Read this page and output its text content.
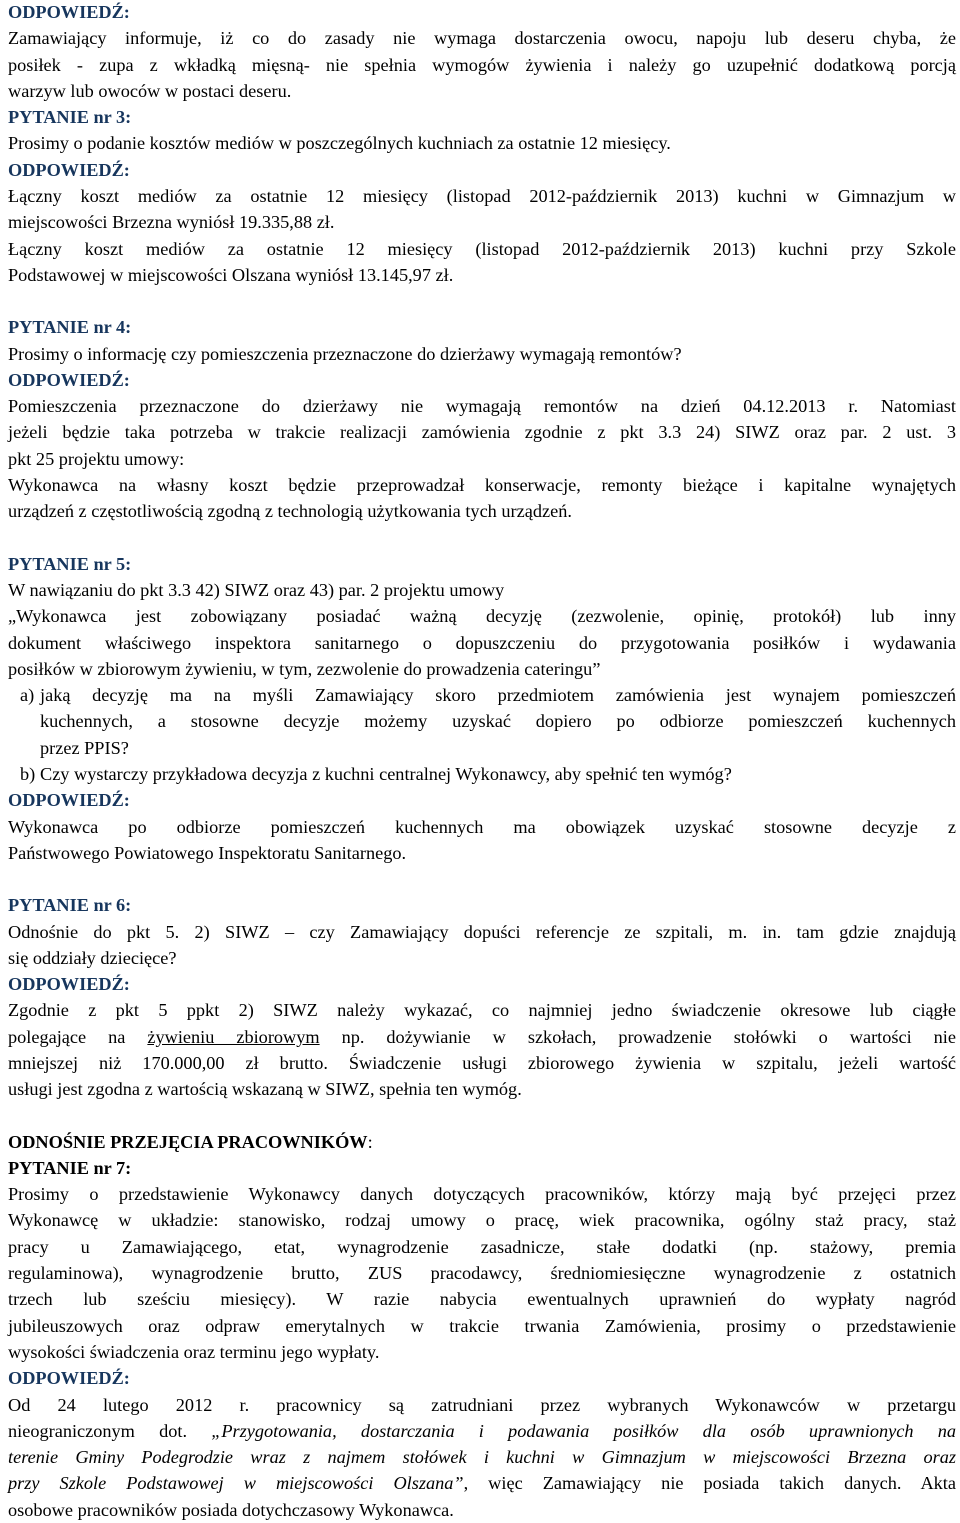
ODPOWIEDŹ:

Zamawiający informuje, iż co do zasady nie wymaga dostarczenia owocu, napoju lub deseru chyba, że

posiłek - zupa z wkładką mięsną- nie spełnia wymogów żywienia i należy go uzupełnić dodatkową porcją

warzyw lub owoców w postaci deseru.

PYTANIE nr 3:

Prosimy o podanie kosztów mediów w poszczególnych kuchniach za ostatnie 12 miesięcy.

ODPOWIEDŹ:

Łączny koszt mediów za ostatnie 12 miesięcy (listopad 2012-październik 2013) kuchni w Gimnazjum w

miejscowości Brzezna wyniósł 19.335,88 zł.

Łączny koszt mediów za ostatnie 12 miesięcy (listopad 2012-październik 2013) kuchni przy Szkole

Podstawowej w miejscowości Olszana wyniósł 13.145,97 zł.

PYTANIE nr 4:

Prosimy o informację czy pomieszczenia przeznaczone do dzierżawy wymagają remontów?

ODPOWIEDŹ:

Pomieszczenia przeznaczone do dzierżawy nie wymagają remontów na dzień 04.12.2013 r. Natomiast

jeżeli będzie taka potrzeba w trakcie realizacji zamówienia zgodnie z pkt 3.3 24) SIWZ oraz par. 2 ust. 3

pkt 25 projektu umowy:

Wykonawca na własny koszt będzie przeprowadzał konserwacje, remonty bieżące i kapitalne wynajętych

urządzeń z częstotliwością zgodną z technologią użytkowania tych urządzeń.

PYTANIE nr 5:

W nawiązaniu do pkt 3.3 42) SIWZ oraz 43) par. 2 projektu umowy

„Wykonawca jest zobowiązany posiadać ważną decyzję (zezwolenie, opinię, protokół) lub inny

dokument właściwego inspektora sanitarnego o dopuszczeniu do przygotowania posiłków i wydawania

posiłków w zbiorowym żywieniu, w tym, zezwolenie do prowadzenia cateringu”

a) jaką decyzję ma na myśli Zamawiający skoro przedmiotem zamówienia jest wynajem pomieszczeń
kuchennych, a stosowne decyzje możemy uzyskać dopiero po odbiorze pomieszczeń kuchennych
przez PPIS?
b) Czy wystarczy przykładowa decyzja z kuchni centralnej Wykonawcy, aby spełnić ten wymóg?

ODPOWIEDŹ:

Wykonawca po odbiorze pomieszczeń kuchennych ma obowiązek uzyskać stosowne decyzje z

Państwowego Powiatowego Inspektoratu Sanitarnego.

PYTANIE nr 6:

Odnośnie do pkt 5. 2) SIWZ – czy Zamawiający dopuści referencje ze szpitali, m. in. tam gdzie znajdują

się oddziały dziecięce?

ODPOWIEDŹ:

Zgodnie z pkt 5 ppkt 2) SIWZ należy wykazać, co najmniej jedno świadczenie okresowe lub ciągłe

polegające na żywieniu zbiorowym np. dożywianie w szkołach, prowadzenie stołówki o wartości nie

mniejszej niż 170.000,00 zł brutto. Świadczenie usługi zbiorowego żywienia w szpitalu, jeżeli wartość

usługi jest zgodna z wartością wskazaną w SIWZ, spełnia ten wymóg.

ODNOŚNIE PRZEJĘCIA PRACOWNIKÓW:

PYTANIE nr 7:

Prosimy o przedstawienie Wykonawcy danych dotyczących pracowników, którzy mają być przejęci przez

Wykonawcę w układzie: stanowisko, rodzaj umowy o pracę, wiek pracownika, ogólny staż pracy, staż

pracy u Zamawiającego, etat, wynagrodzenie zasadnicze, stałe dodatki (np. stażowy, premia

regulaminowa), wynagrodzenie brutto, ZUS pracodawcy, średniomiesięczne wynagrodzenie z ostatnich

trzech lub sześciu miesięcy). W razie nabycia ewentualnych uprawnień do wypłaty nagród

jubileuszowych oraz odpraw emerytalnych w trakcie trwania Zamówienia, prosimy o przedstawienie

wysokości świadczenia oraz terminu jego wypłaty.

ODPOWIEDŹ:

Od 24 lutego 2012 r. pracownicy są zatrudniani przez wybranych Wykonawców w przetargu

nieograniczonym dot. „Przygotowania, dostarczania i podawania posiłków dla osób uprawnionych na

terenie Gminy Podegrodzie wraz z najmem stołówek i kuchni w Gimnazjum w miejscowości Brzezna oraz

przy Szkole Podstawowej w miejscowości Olszana”, więc Zamawiający nie posiada takich danych. Akta

osobowe pracowników posiada dotychczasowy Wykonawca.
